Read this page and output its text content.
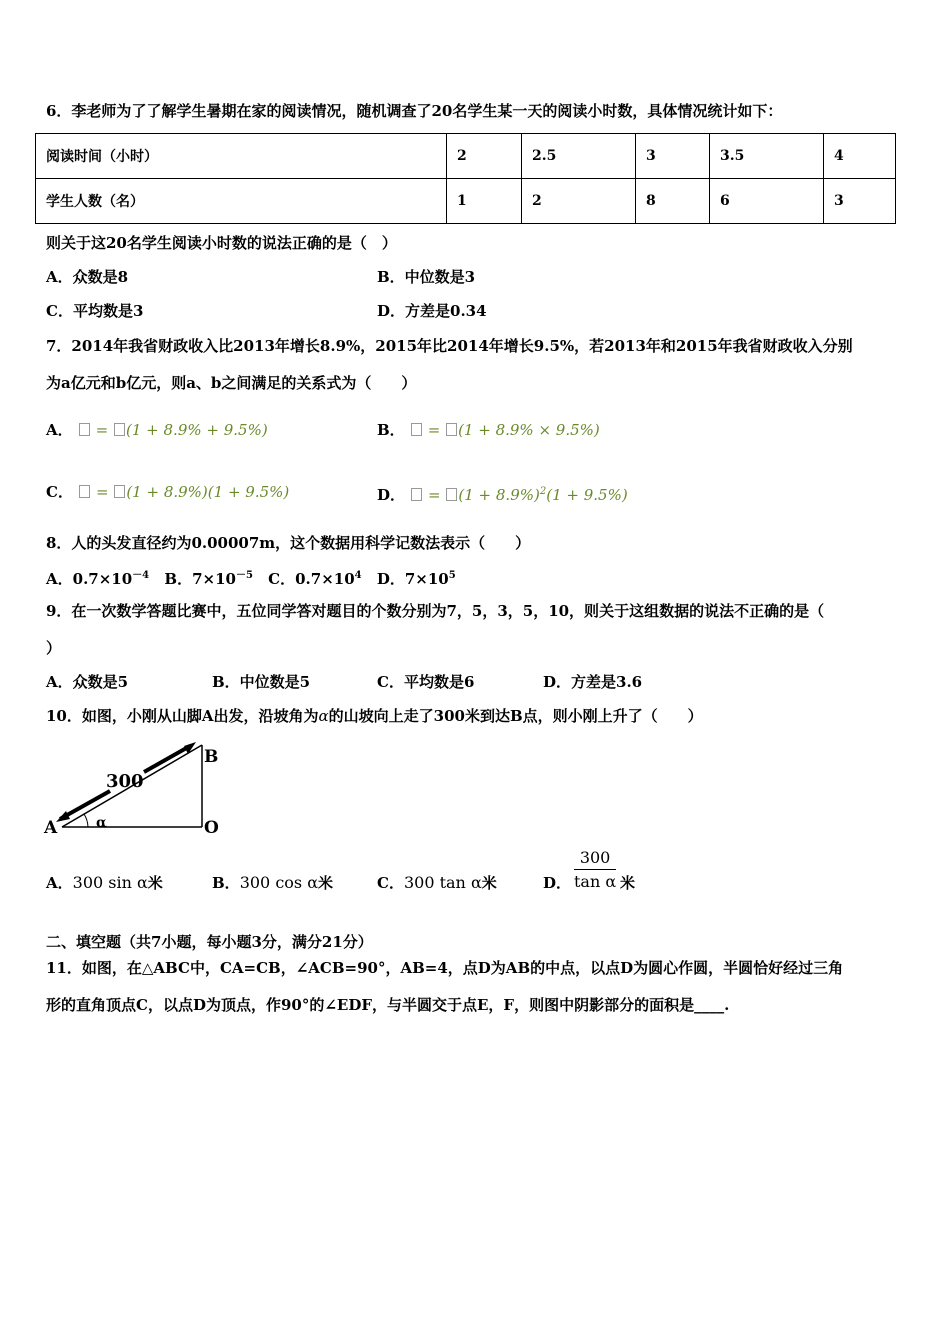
6．李老师为了了解学生暑期在家的阅读情况，随机调查了20名学生某一天的阅读小时数，具体情况统计如下：
阅读时间（小时）	2	2.5	3	3.5	4
学生人数（名）	1	2	8	6	3
则关于这20名学生阅读小时数的说法正确的是（　）
A．众数是8	B．中位数是3
C．平均数是3	D．方差是0.34
7．2014年我省财政收入比2013年增长8.9%，2015年比2014年增长9.5%，若2013年和2015年我省财政收入分别
为a亿元和b亿元，则a、b之间满足的关系式为（　　）
A． = (1 + 8.9% + 9.5%)	B． = (1 + 8.9% × 9.5%)
C． = (1 + 8.9%)(1 + 9.5%)	D． = $(1 + 8.9\%)^2(1 + 9.5\%)$
8．人的头发直径约为0.00007m，这个数据用科学记数法表示（　　）
A．$0.7\times 10^{-4}$ B．$7\times 10^{-5}$ C．$0.7\times 10^4$ D．$7\times 10^5$
9．在一次数学答题比赛中，五位同学答对题目的个数分别为7，5，3，5，10，则关于这组数据的说法不正确的是（
）
A．众数是5	B．中位数是5	C．平均数是6	D．方差是3.6
10．如图，小刚从山脚A出发，沿坡角为α的山坡向上走了300米到达B点，则小刚上升了（　　）
300
α
A
B
O
A．300 sin α米	B．300 cos α米	C．300 tan α米	D． $\frac{300}{\text{tan α}}$ 米
二、填空题（共7小题，每小题3分，满分21分）
11．如图，在△ABC中，CA=CB，∠ACB=90°，AB=4，点D为AB的中点，以点D为圆心作圆，半圆恰好经过三角
形的直角顶点C，以点D为顶点，作90°的∠EDF，与半圆交于点E，F，则图中阴影部分的面积是____.
